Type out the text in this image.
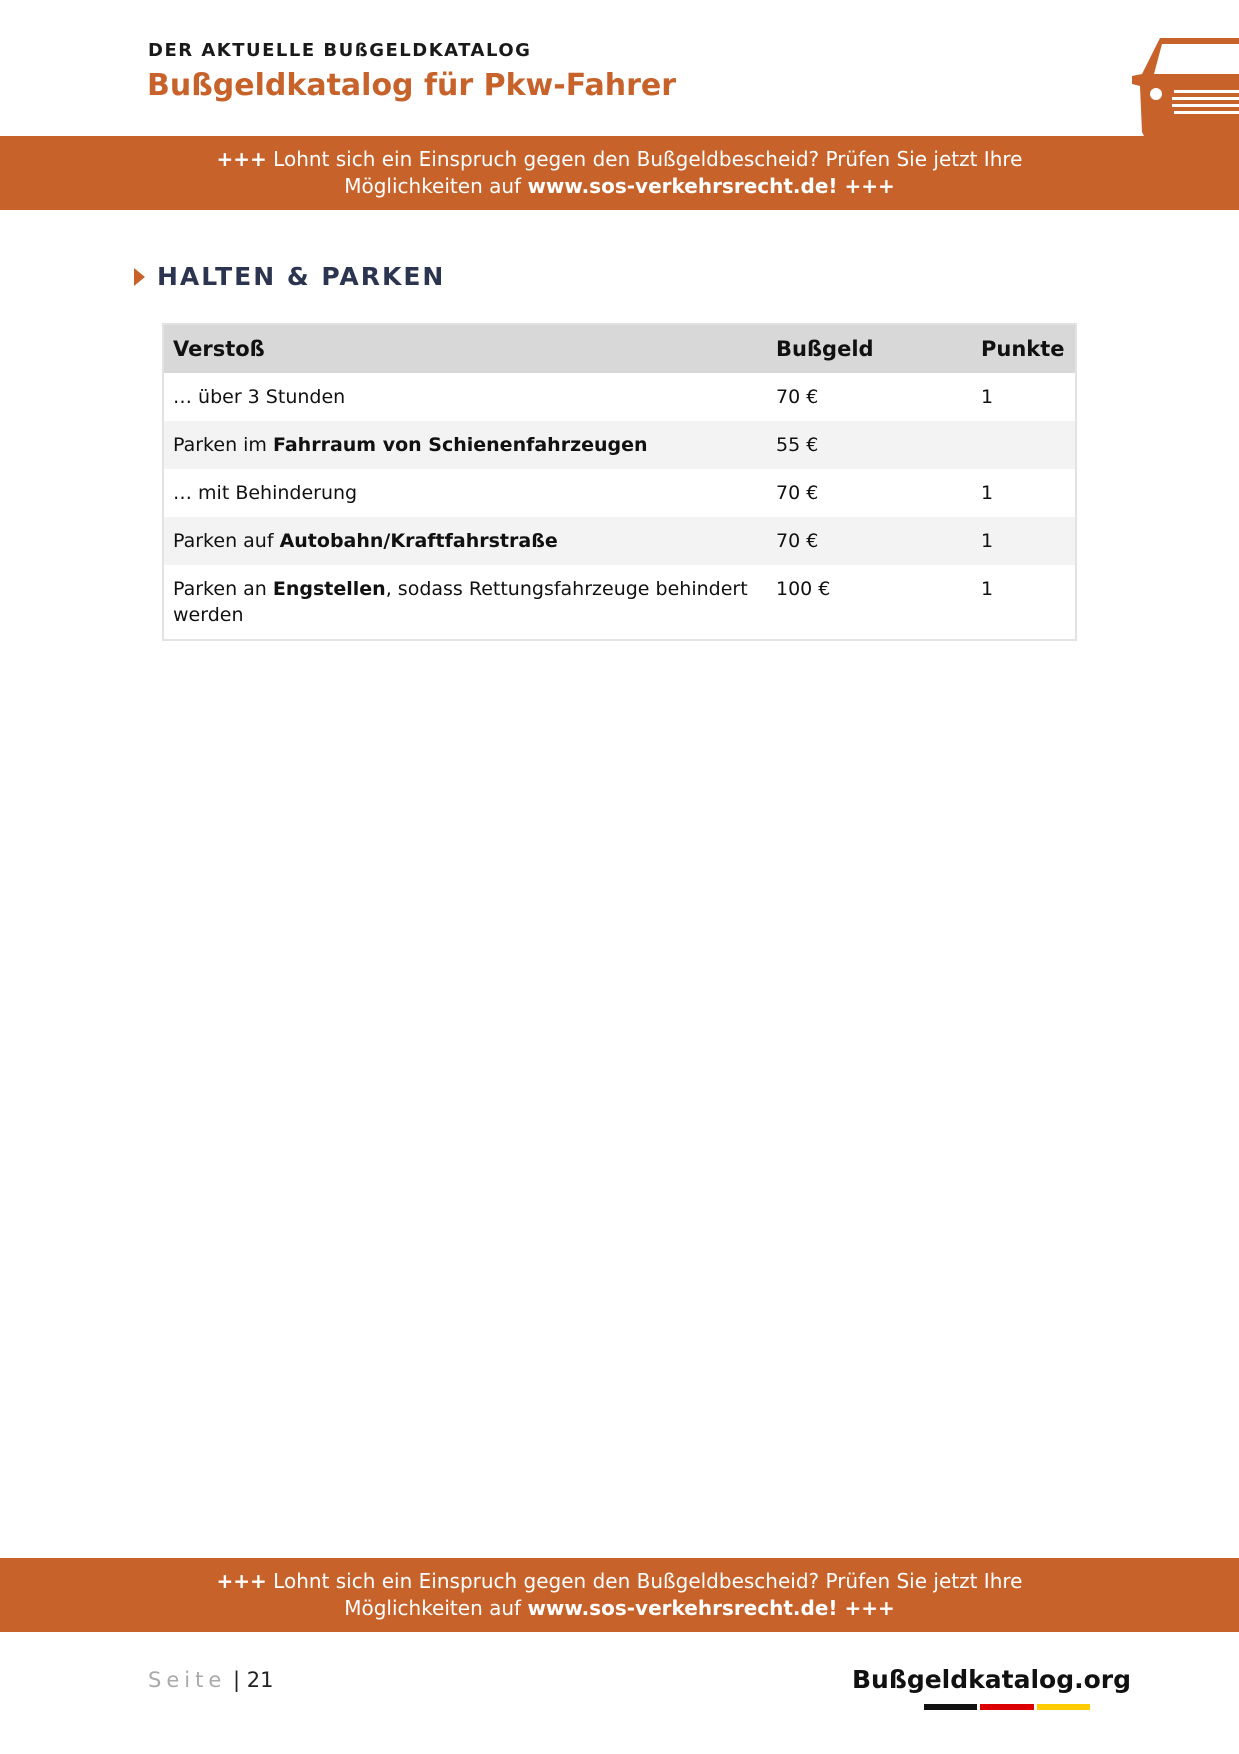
DER AKTUELLE BUßGELDKATALOG
Bußgeldkatalog für Pkw-Fahrer
+++ Lohnt sich ein Einspruch gegen den Bußgeldbescheid? Prüfen Sie jetzt Ihre
Möglichkeiten auf www.sos-verkehrsrecht.de! +++
HALTEN & PARKEN
Verstoß	Bußgeld	Punkte
… über 3 Stunden	70 €	1
Parken im Fahrraum von Schienenfahrzeugen	55 €	
… mit Behinderung	70 €	1
Parken auf Autobahn/Kraftfahrstraße	70 €	1
Parken an Engstellen, sodass Rettungsfahrzeuge behindert werden	100 €	1
+++ Lohnt sich ein Einspruch gegen den Bußgeldbescheid? Prüfen Sie jetzt Ihre
Möglichkeiten auf www.sos-verkehrsrecht.de! +++
Seite | 21	Bußgeldkatalog.org
